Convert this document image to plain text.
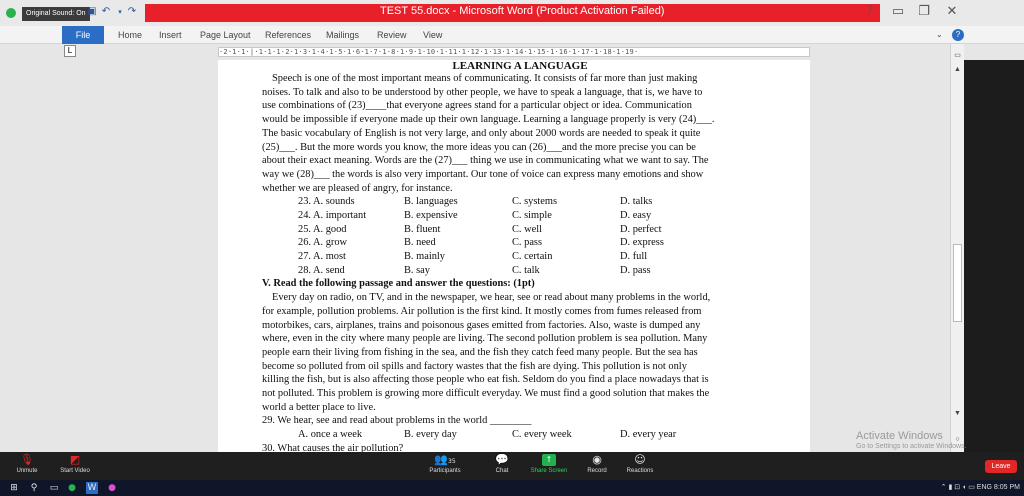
Original Sound: On ▣ ↶	▾ ↷	TEST 55.docx - Microsoft Word (Product Activation Failed)	?	▭	❐	✕
File	Home Insert Page Layout References Mailings Review View	⌄	?
·2·1·1·|·1·1·1·2·1·3·1·4·1·5·1·6·1·7·1·8·1·9·1·10·1·11·1·12·1·13·1·14·1·15·1·16·1·17·1·18·1·19·
L
LEARNING A LANGUAGE

Speech is one of the most important means of communicating. It consists of far more than just making

noises. To talk and also to be understood by other people, we have to speak a language, that is, we have to

use combinations of (23)____that everyone agrees stand for a particular object or idea. Communication

would be impossible if everyone made up their own language. Learning a language properly is very (24)___.

The basic vocabulary of English is not very large, and only about 2000 words are needed to speak it quite

(25)___. But the more words you know, the more ideas you can (26)___and the more precise you can be

about their exact meaning. Words are the (27)___ thing we use in communicating what we want to say. The

way we (28)___ the words is also very important. Our tone of voice can express many emotions and show

whether we are pleased of angry, for instance.

23. A. sounds	B. languages	C. systems	D. talks
24. A. important	B. expensive	C. simple	D. easy
25. A. good	B. fluent	C. well	D. perfect
26. A. grow	B. need	C. pass	D. express
27. A. most	B. mainly	C. certain	D. full
28. A. send	B. say	C. talk	D. pass

V. Read the following passage and answer the questions: (1pt)

Every day on radio, on TV, and in the newspaper, we hear, see or read about many problems in the world,

for example, pollution problems. Air pollution is the first kind. It mostly comes from fumes released from

motorbikes, cars, airplanes, trains and poisonous gases emitted from factories. Also, waste is dumped any

where, even in the city where many people are living. The second pollution problem is sea pollution. Many

people earn their living from fishing in the sea, and the fish they catch feed many people. But the sea has

become so polluted from oil spills and factory wastes that the fish are dying. This pollution is not only

killing the fish, but is also affecting those people who eat fish. Seldom do you find a place nowadays that is

not polluted. This problem is growing more difficult everyday. We must find a good solution that makes the

world a better place to live.

29. We hear, see and read about problems in the world ________

A. once a week	B. every day	C. every week	D. every year

30. What causes the air pollution?

▭
▲
▼
○
Activate Windows
Go to Settings to activate Windows.
🎙
Unmute
◩
Start Video
👥35
Participants
💬
Chat
↑
Share Screen
◉
Record
☺
Reactions
Leave
⊞	⚲	▭ ● W ●	⌃ ▮ ⊡ ◖ ▭ ENG 8:05 PM
